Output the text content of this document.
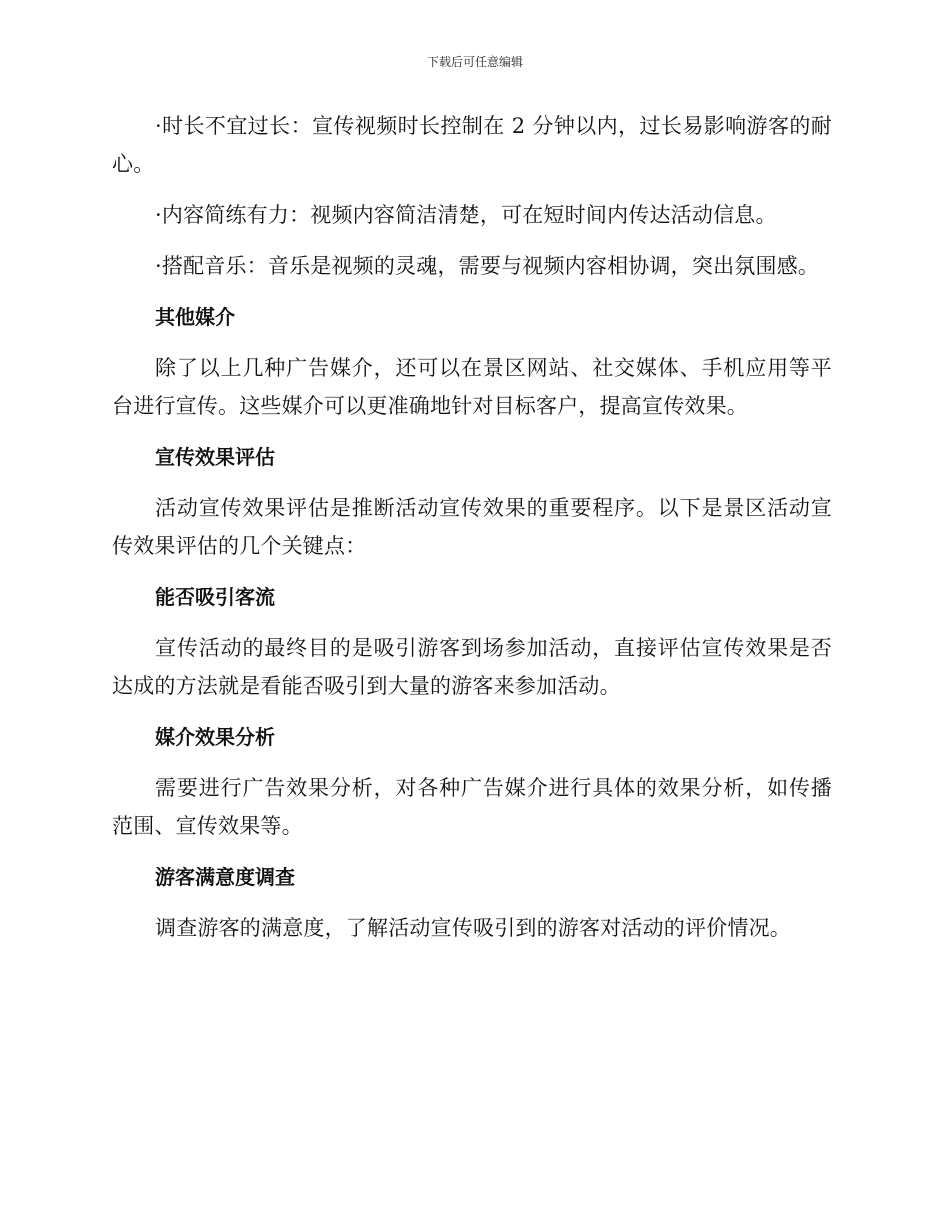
下载后可任意编辑

·时长不宜过长：宣传视频时长控制在 2 分钟以内，过长易影响游客的耐心。

·内容简练有力：视频内容简洁清楚，可在短时间内传达活动信息。

·搭配音乐：音乐是视频的灵魂，需要与视频内容相协调，突出氛围感。

其他媒介

除了以上几种广告媒介，还可以在景区网站、社交媒体、手机应用等平台进行宣传。这些媒介可以更准确地针对目标客户，提高宣传效果。

宣传效果评估

活动宣传效果评估是推断活动宣传效果的重要程序。以下是景区活动宣传效果评估的几个关键点：

能否吸引客流

宣传活动的最终目的是吸引游客到场参加活动，直接评估宣传效果是否达成的方法就是看能否吸引到大量的游客来参加活动。

媒介效果分析

需要进行广告效果分析，对各种广告媒介进行具体的效果分析，如传播范围、宣传效果等。

游客满意度调查

调查游客的满意度，了解活动宣传吸引到的游客对活动的评价情况。
